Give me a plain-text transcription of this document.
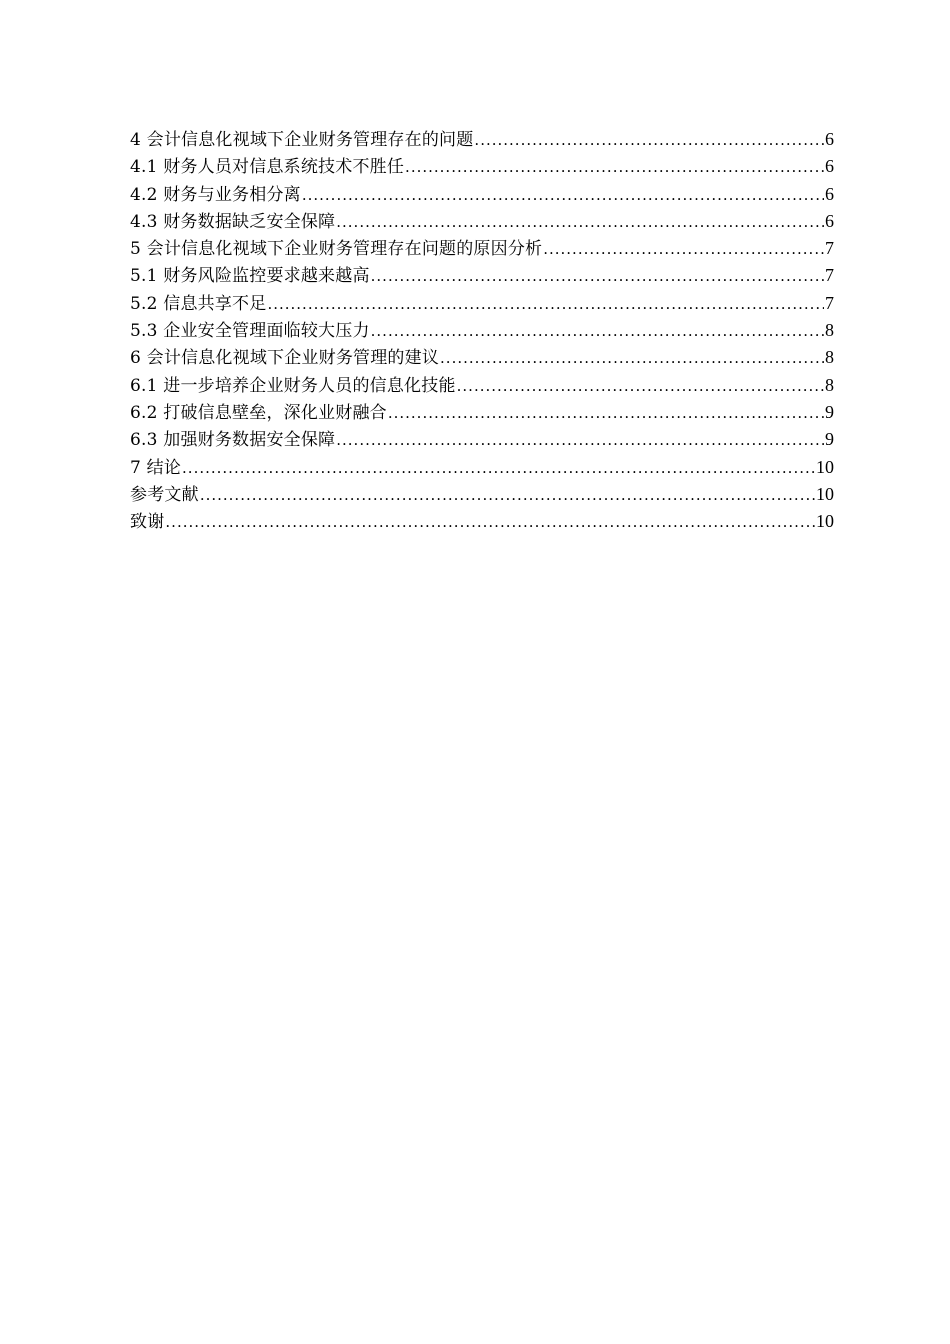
4 会计信息化视域下企业财务管理存在的问题 .....	6
4.1 财务人员对信息系统技术不胜任 .....	6
4.2 财务与业务相分离 .....	6
4.3 财务数据缺乏安全保障 .....	6
5 会计信息化视域下企业财务管理存在问题的原因分析 .....	7
5.1 财务风险监控要求越来越高 .....	7
5.2 信息共享不足 .....	7
5.3 企业安全管理面临较大压力 .....	8
6 会计信息化视域下企业财务管理的建议 .....	8
6.1 进一步培养企业财务人员的信息化技能 .....	8
6.2 打破信息壁垒，深化业财融合 .....	9
6.3 加强财务数据安全保障 .....	9
7 结论 .....	10
参考文献 .....	10
致谢 .....	10
